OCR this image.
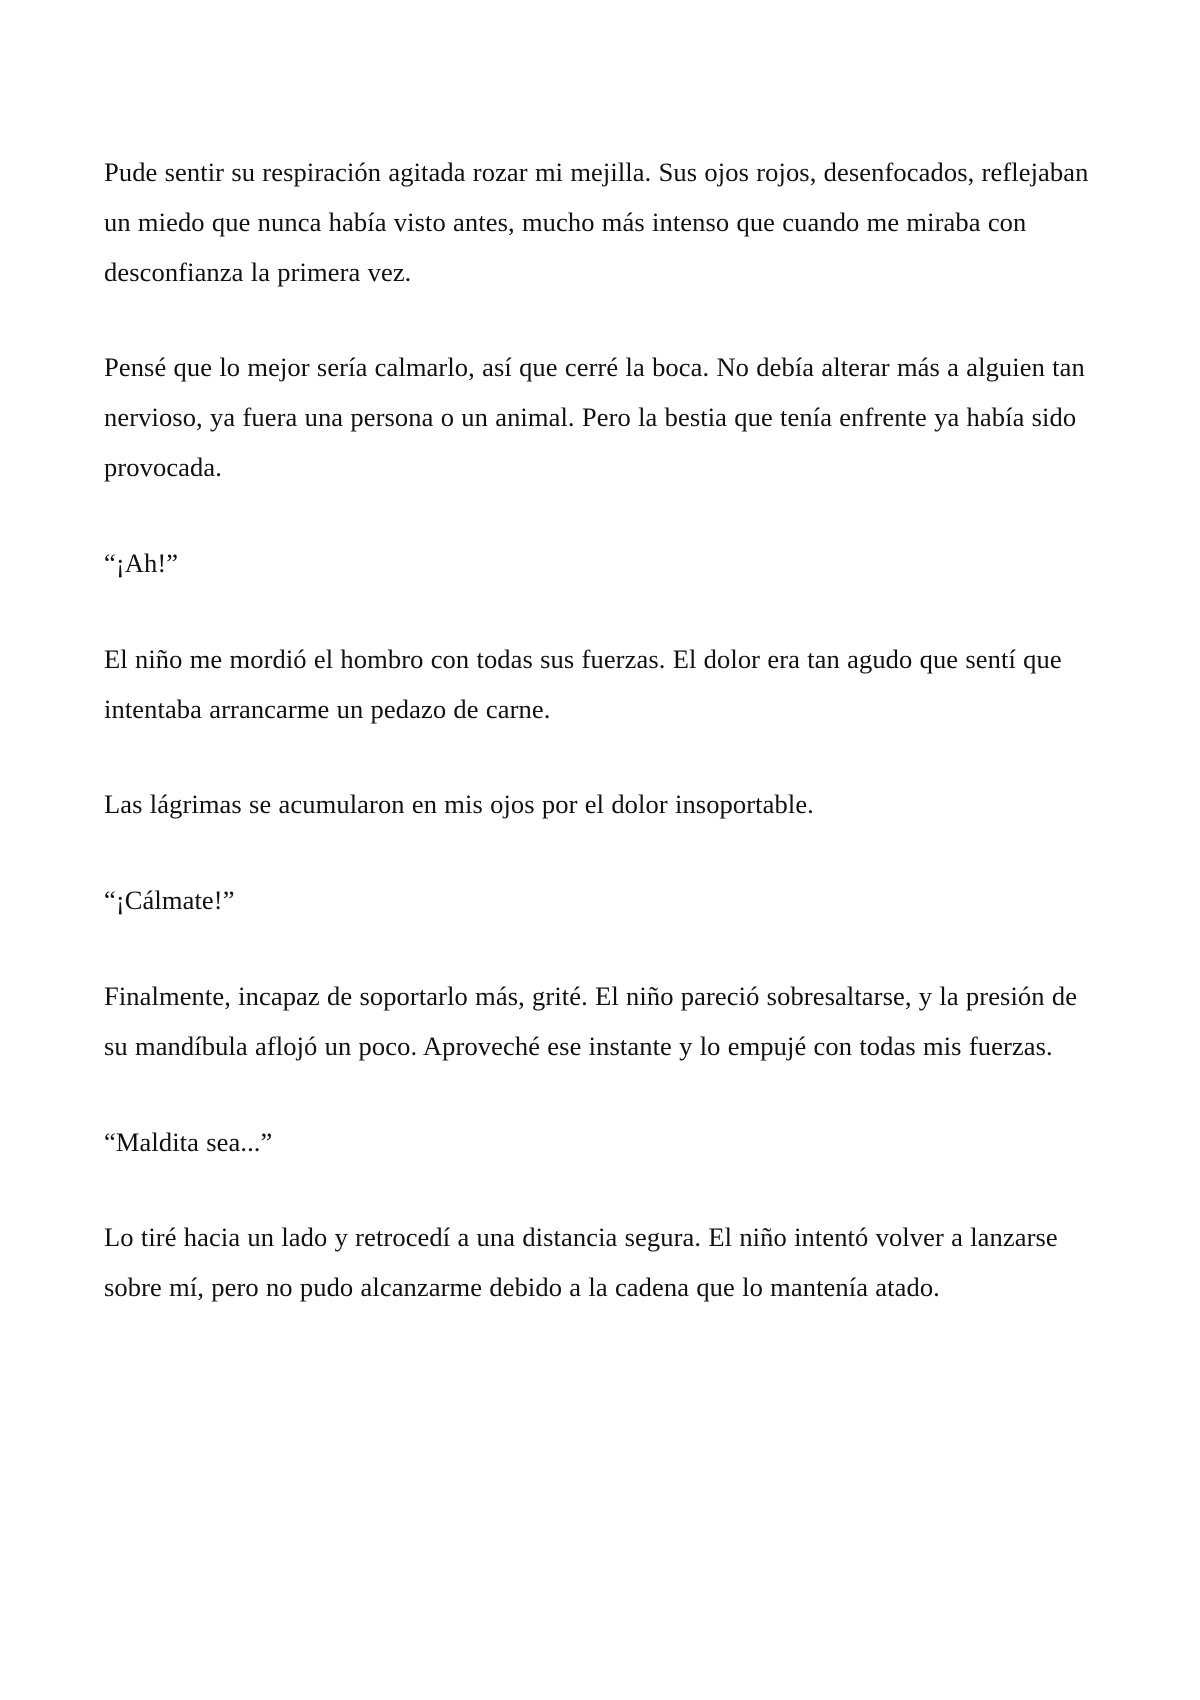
Pude sentir su respiración agitada rozar mi mejilla. Sus ojos rojos, desenfocados, reflejaban un miedo que nunca había visto antes, mucho más intenso que cuando me miraba con desconfianza la primera vez.

Pensé que lo mejor sería calmarlo, así que cerré la boca. No debía alterar más a alguien tan nervioso, ya fuera una persona o un animal. Pero la bestia que tenía enfrente ya había sido provocada.

“¡Ah!”

El niño me mordió el hombro con todas sus fuerzas. El dolor era tan agudo que sentí que intentaba arrancarme un pedazo de carne.

Las lágrimas se acumularon en mis ojos por el dolor insoportable.

“¡Cálmate!”

Finalmente, incapaz de soportarlo más, grité. El niño pareció sobresaltarse, y la presión de su mandíbula aflojó un poco. Aproveché ese instante y lo empujé con todas mis fuerzas.

“Maldita sea...”

Lo tiré hacia un lado y retrocedí a una distancia segura. El niño intentó volver a lanzarse sobre mí, pero no pudo alcanzarme debido a la cadena que lo mantenía atado.
